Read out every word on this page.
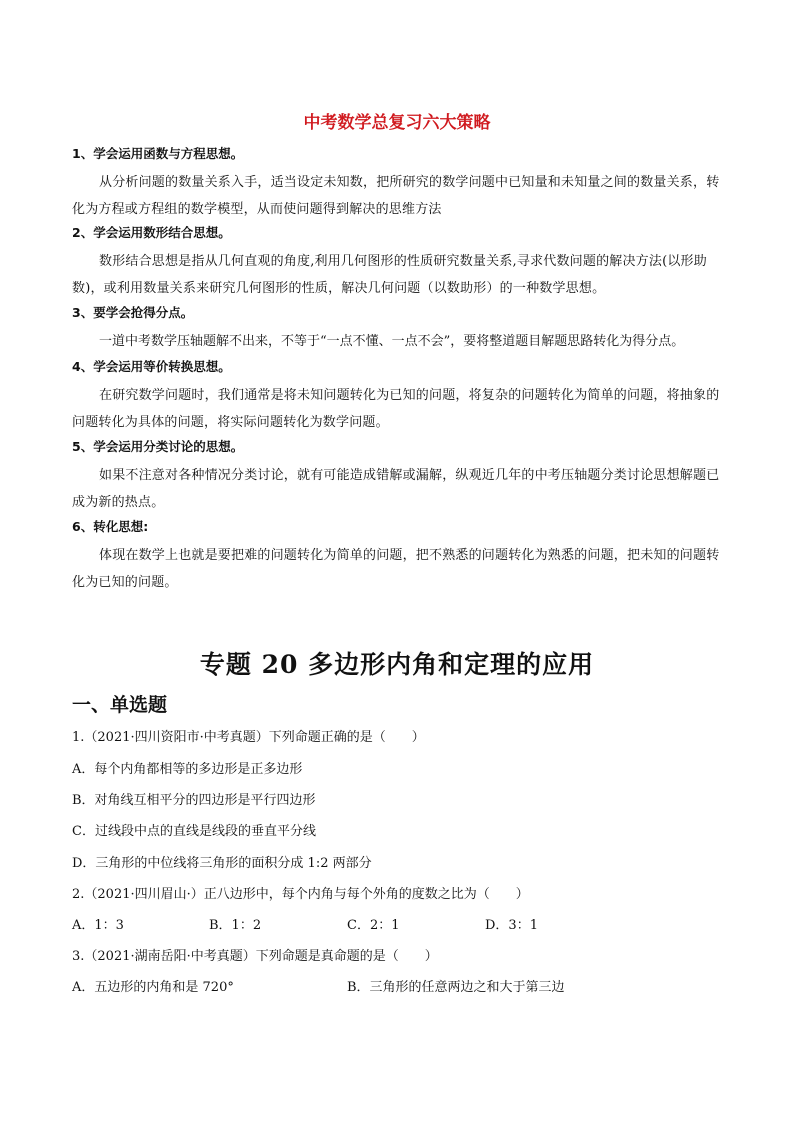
中考数学总复习六大策略
1、学会运用函数与方程思想。
从分析问题的数量关系入手，适当设定未知数，把所研究的数学问题中已知量和未知量之间的数量关系，转化为方程或方程组的数学模型，从而使问题得到解决的思维方法
2、学会运用数形结合思想。
数形结合思想是指从几何直观的角度,利用几何图形的性质研究数量关系,寻求代数问题的解决方法(以形助数)，或利用数量关系来研究几何图形的性质，解决几何问题（以数助形）的一种数学思想。
3、要学会抢得分点。
一道中考数学压轴题解不出来，不等于“一点不懂、一点不会”，要将整道题目解题思路转化为得分点。
4、学会运用等价转换思想。
在研究数学问题时，我们通常是将未知问题转化为已知的问题，将复杂的问题转化为简单的问题，将抽象的问题转化为具体的问题，将实际问题转化为数学问题。
5、学会运用分类讨论的思想。
如果不注意对各种情况分类讨论，就有可能造成错解或漏解，纵观近几年的中考压轴题分类讨论思想解题已成为新的热点。
6、转化思想:
体现在数学上也就是要把难的问题转化为简单的问题，把不熟悉的问题转化为熟悉的问题，把未知的问题转化为已知的问题。
专题 20 多边形内角和定理的应用
一、单选题
1.（2021·四川资阳市·中考真题）下列命题正确的是（　　）
A．每个内角都相等的多边形是正多边形
B．对角线互相平分的四边形是平行四边形
C．过线段中点的直线是线段的垂直平分线
D．三角形的中位线将三角形的面积分成 1:2 两部分
2.（2021·四川眉山·）正八边形中，每个内角与每个外角的度数之比为（　　）
A．1：3	B．1：2	C．2：1	D．3：1
3.（2021·湖南岳阳·中考真题）下列命题是真命题的是（　　）
A．五边形的内角和是 720°	B．三角形的任意两边之和大于第三边
